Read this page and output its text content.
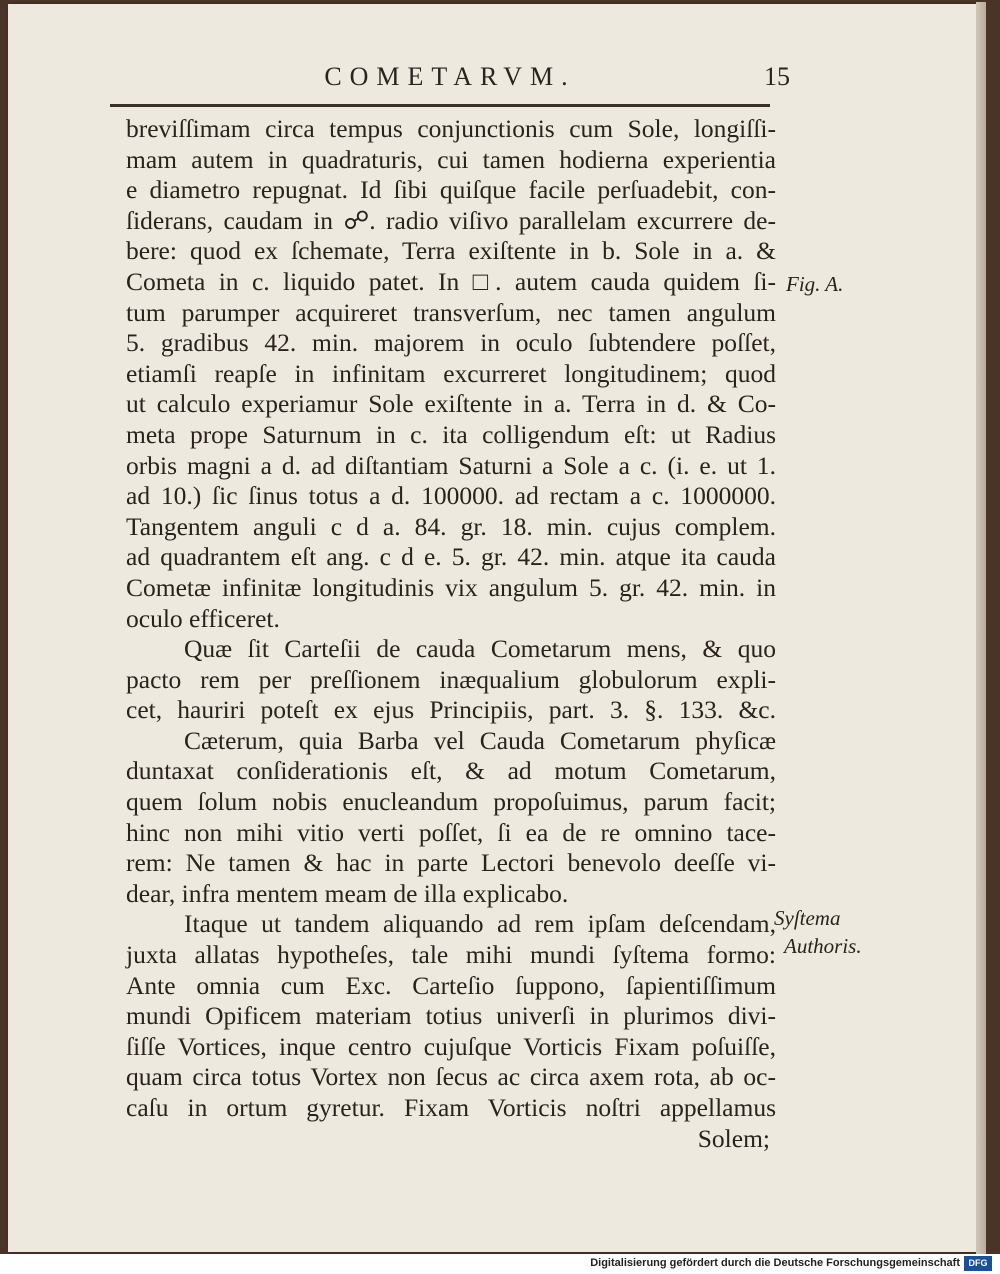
COMETARVM.	15
breviſſimam circa tempus conjunctionis cum Sole, longiſſi-
mam autem in quadraturis, cui tamen hodierna experientia
e diametro repugnat. Id ſibi quiſque facile perſuadebit, con-
ſiderans, caudam in ☍. radio viſivo parallelam excurrere de-
bere: quod ex ſchemate, Terra exiſtente in b. Sole in a. &
Cometa in c. liquido patet. In □. autem cauda quidem ſi-
tum parumper acquireret transverſum, nec tamen angulum
5. gradibus 42. min. majorem in oculo ſubtendere poſſet,
etiamſi reapſe in infinitam excurreret longitudinem; quod
ut calculo experiamur Sole exiſtente in a. Terra in d. & Co-
meta prope Saturnum in c. ita colligendum eſt: ut Radius
orbis magni a d. ad diſtantiam Saturni a Sole a c. (i. e. ut 1.
ad 10.) ſic ſinus totus a d. 100000. ad rectam a c. 1000000.
Tangentem anguli c d a. 84. gr. 18. min. cujus complem.
ad quadrantem eſt ang. c d e. 5. gr. 42. min. atque ita cauda
Cometæ infinitæ longitudinis vix angulum 5. gr. 42. min. in
oculo efficeret.
Quæ ſit Carteſii de cauda Cometarum mens, & quo
pacto rem per preſſionem inæqualium globulorum expli-
cet, hauriri poteſt ex ejus Principiis, part. 3. §. 133. &c.
Cæterum, quia Barba vel Cauda Cometarum phyſicæ
duntaxat conſiderationis eſt, & ad motum Cometarum,
quem ſolum nobis enucleandum propoſuimus, parum facit;
hinc non mihi vitio verti poſſet, ſi ea de re omnino tace-
rem: Ne tamen & hac in parte Lectori benevolo deeſſe vi-
dear, infra mentem meam de illa explicabo.
Itaque ut tandem aliquando ad rem ipſam deſcendam,
juxta allatas hypotheſes, tale mihi mundi ſyſtema formo:
Ante omnia cum Exc. Carteſio ſuppono, ſapientiſſimum
mundi Opificem materiam totius univerſi in plurimos divi-
ſiſſe Vortices, inque centro cujuſque Vorticis Fixam poſuiſſe,
quam circa totus Vortex non ſecus ac circa axem rota, ab oc-
caſu in ortum gyretur. Fixam Vorticis noſtri appellamus
Solem;
Fig. A.
Syſtema
Authoris.
Digitalisierung gefördert durch die Deutsche Forschungsgemeinschaft DFG
